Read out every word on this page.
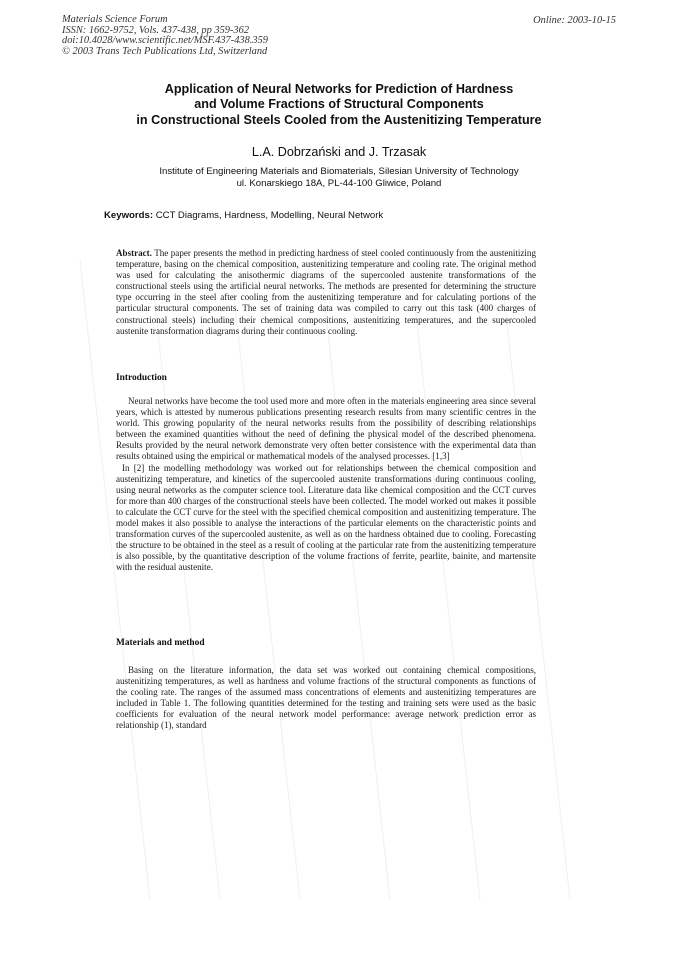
Materials Science Forum
ISSN: 1662-9752, Vols. 437-438, pp 359-362
doi:10.4028/www.scientific.net/MSF.437-438.359
© 2003 Trans Tech Publications Ltd, Switzerland
Online: 2003-10-15
Application of Neural Networks for Prediction of Hardness
and Volume Fractions of Structural Components
in Constructional Steels Cooled from the Austenitizing Temperature
L.A. Dobrzański and J. Trzasak
Institute of Engineering Materials and Biomaterials, Silesian University of Technology
ul. Konarskiego 18A, PL-44-100 Gliwice, Poland
Keywords: CCT Diagrams, Hardness, Modelling, Neural Network

Abstract. The paper presents the method in predicting hardness of steel cooled continuously from the austenitizing temperature, basing on the chemical composition, austenitizing temperature and cooling rate. The original method was used for calculating the anisothermic diagrams of the supercooled austenite transformations of the constructional steels using the artificial neural networks. The methods are presented for determining the structure type occurring in the steel after cooling from the austenitizing temperature and for calculating portions of the particular structural components. The set of training data was compiled to carry out this task (400 charges of constructional steels) including their chemical compositions, austenitizing temperatures, and the supercooled austenite transformation diagrams during their continuous cooling.

Introduction

Neural networks have become the tool used more and more often in the materials engineering area since several years, which is attested by numerous publications presenting research results from many scientific centres in the world. This growing popularity of the neural networks results from the possibility of describing relationships between the examined quantities without the need of defining the physical model of the described phenomena. Results provided by the neural network demonstrate very often better consistence with the experimental data than results obtained using the empirical or mathematical models of the analysed processes. [1,3]

In [2] the modelling methodology was worked out for relationships between the chemical composition and austenitizing temperature, and kinetics of the supercooled austenite transformations during continuous cooling, using neural networks as the computer science tool. Literature data like chemical composition and the CCT curves for more than 400 charges of the constructional steels have been collected. The model worked out makes it possible to calculate the CCT curve for the steel with the specified chemical composition and austenitizing temperature. The model makes it also possible to analyse the interactions of the particular elements on the characteristic points and transformation curves of the supercooled austenite, as well as on the hardness obtained due to cooling. Forecasting the structure to be obtained in the steel as a result of cooling at the particular rate from the austenitizing temperature is also possible, by the quantitative description of the volume fractions of ferrite, pearlite, bainite, and martensite with the residual austenite.

Materials and method

Basing on the literature information, the data set was worked out containing chemical compositions, austenitizing temperatures, as well as hardness and volume fractions of the structural components as functions of the cooling rate. The ranges of the assumed mass concentrations of elements and austenitizing temperatures are included in Table 1. The following quantities determined for the testing and training sets were used as the basic coefficients for evaluation of the neural network model performance: average network prediction error as relationship (1), standard
